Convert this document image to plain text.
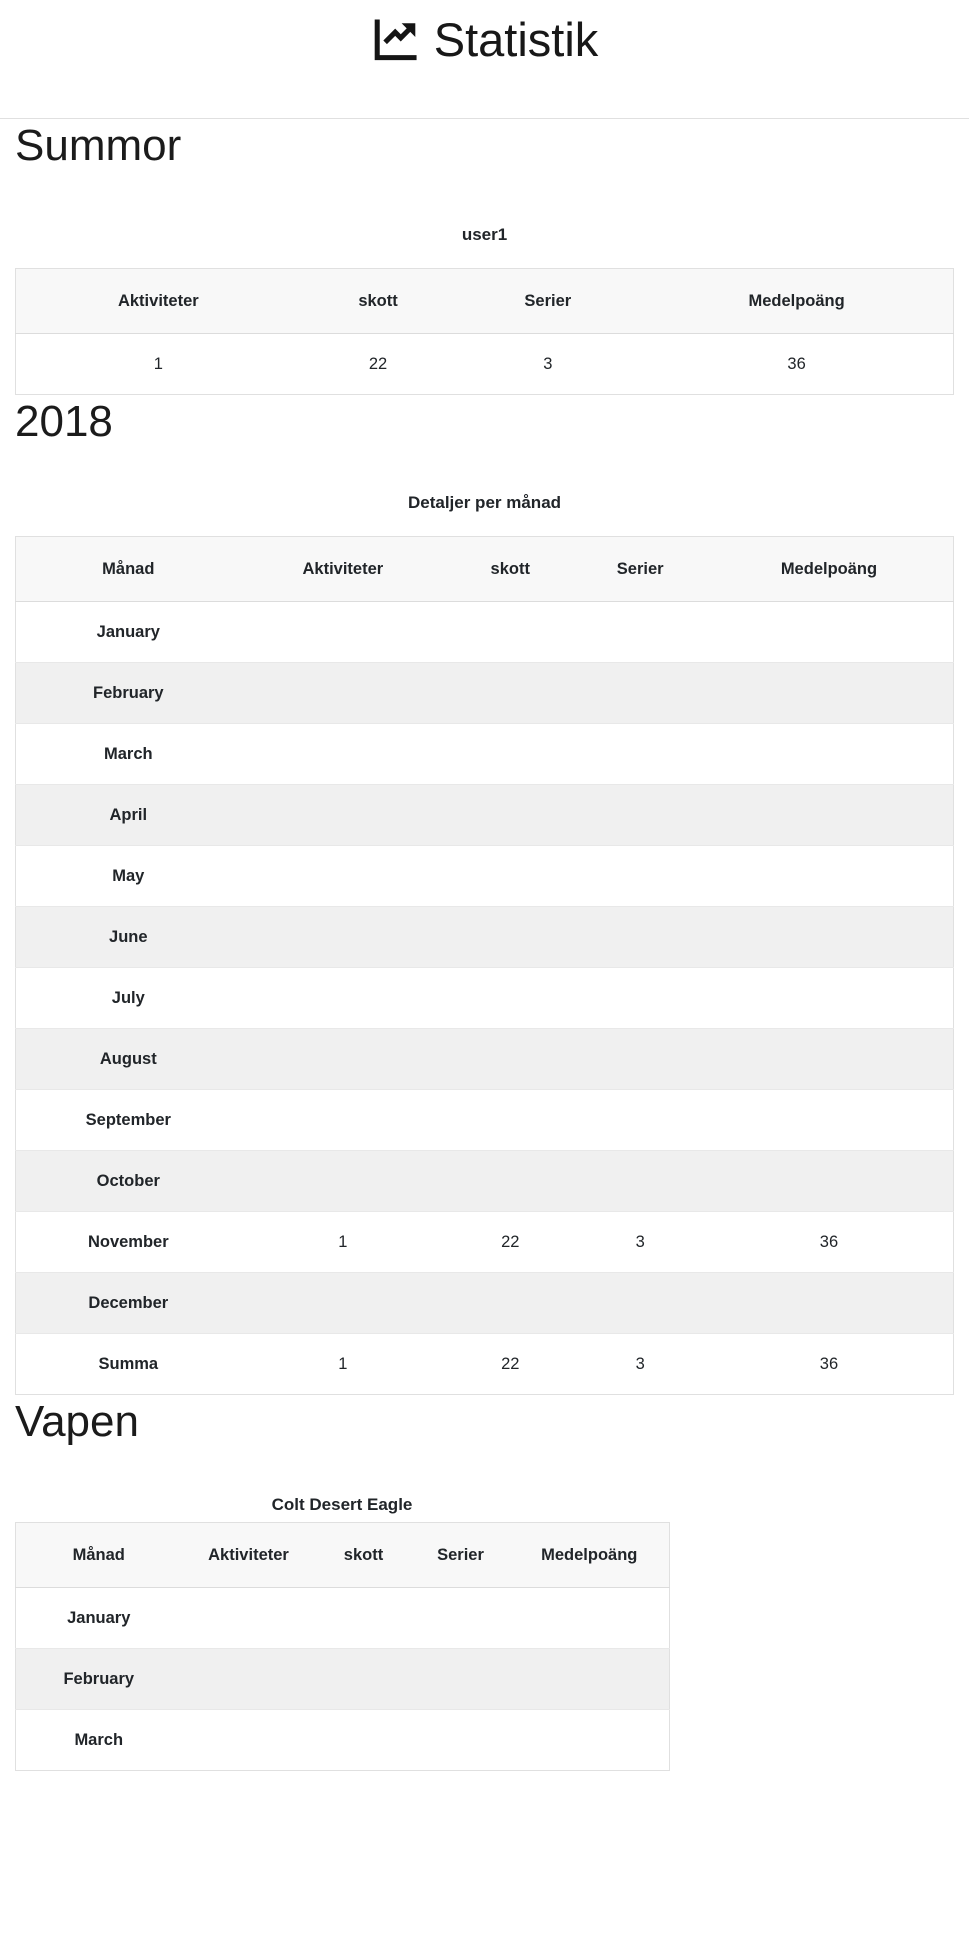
Statistik
Summor
user1
Aktiviteter	skott	Serier	Medelpoäng
1	22	3	36
2018
Detaljer per månad
Månad	Aktiviteter	skott	Serier	Medelpoäng
January				
February				
March				
April				
May				
June				
July				
August				
September				
October				
November	1	22	3	36
December				
Summa	1	22	3	36
Vapen
Colt Desert Eagle
Månad	Aktiviteter	skott	Serier	Medelpoäng
January				
February				
March				
